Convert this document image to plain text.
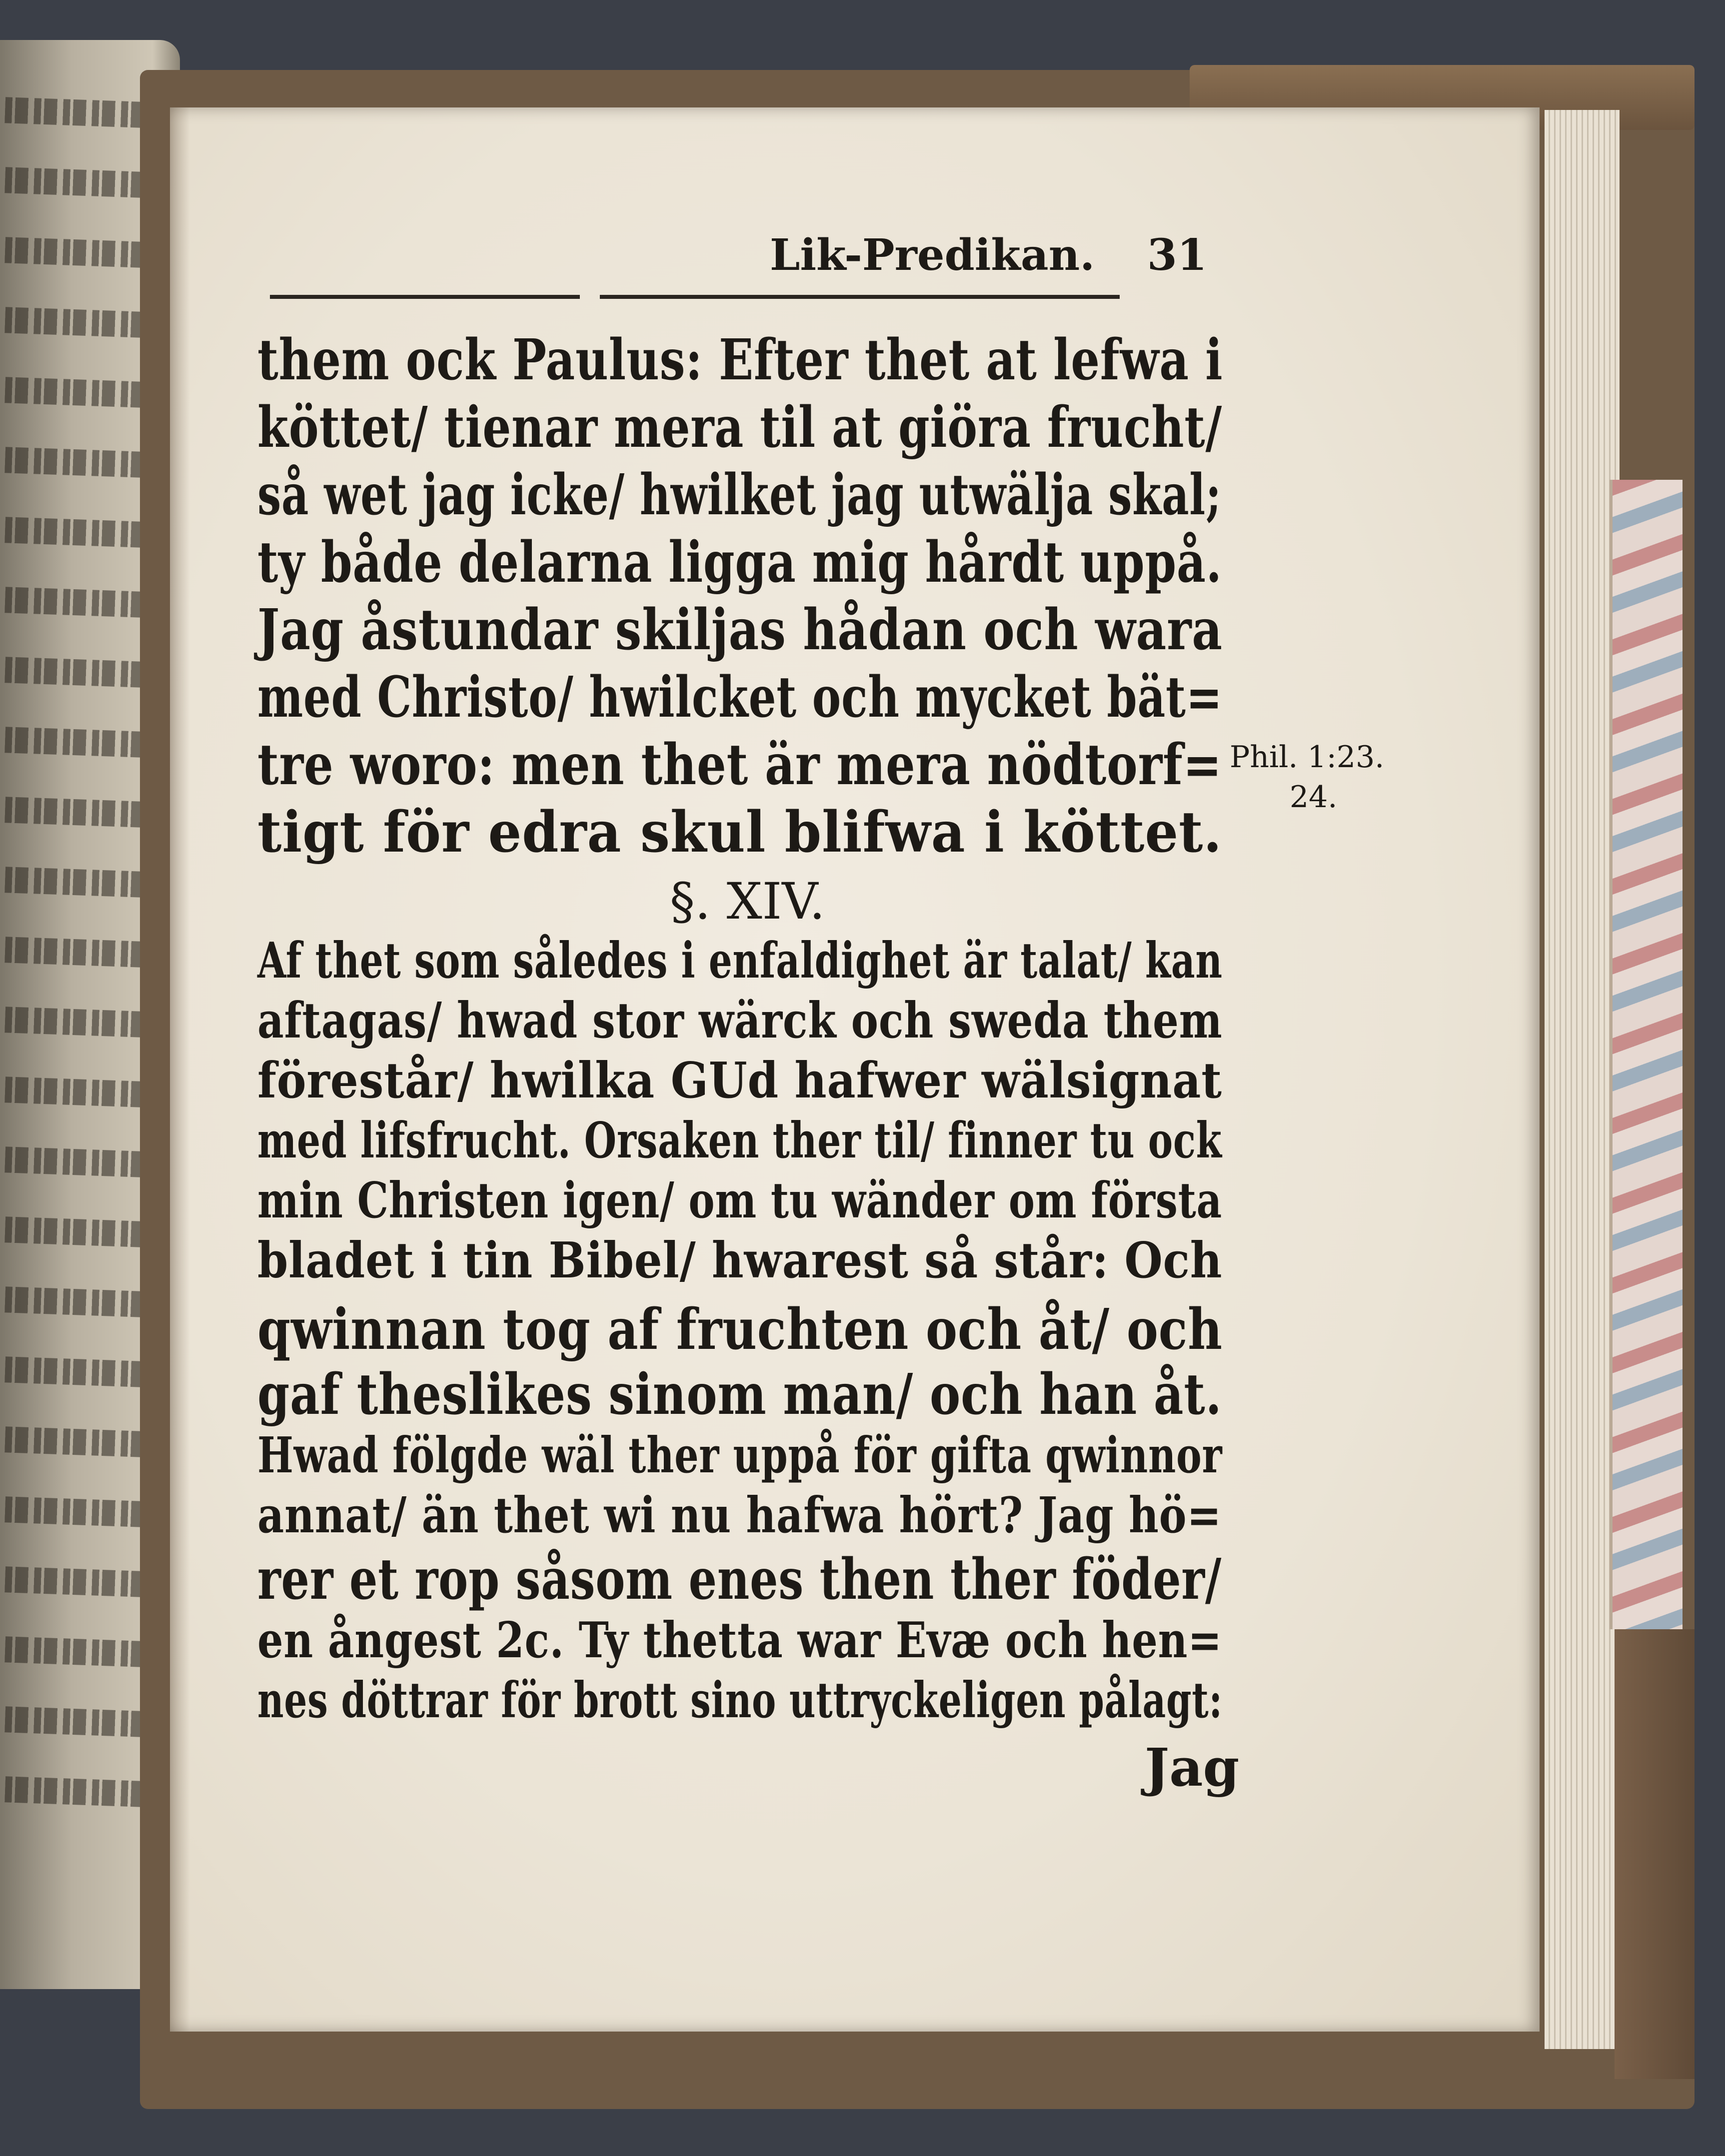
Lik-Predikan. 31
them ock Paulus: Efter thet at lefwa i
köttet/ tienar mera til at giöra frucht/
så wet jag icke/ hwilket jag utwälja skal;
ty både delarna ligga mig hårdt uppå.
Jag åstundar skiljas hådan och wara
med Christo/ hwilcket och mycket bät=
tre woro: men thet är mera nödtorf=
tigt för edra skul blifwa i köttet.
Phil. 1:23.
24.
§. XIV.
Af thet som således i enfaldighet är talat/ kan
aftagas/ hwad stor wärck och sweda them
förestår/ hwilka GUd hafwer wälsignat
med lifsfrucht. Orsaken ther til/ finner tu ock
min Christen igen/ om tu wänder om första
bladet i tin Bibel/ hwarest så står: Och
qwinnan tog af fruchten och åt/ och
gaf theslikes sinom man/ och han åt.
Hwad fölgde wäl ther uppå för gifta qwinnor
annat/ än thet wi nu hafwa hört? Jag hö=
rer et rop såsom enes then ther föder/
en ångest 2c. Ty thetta war Evæ och hen=
nes döttrar för brott sino uttryckeligen pålagt:
Jag
